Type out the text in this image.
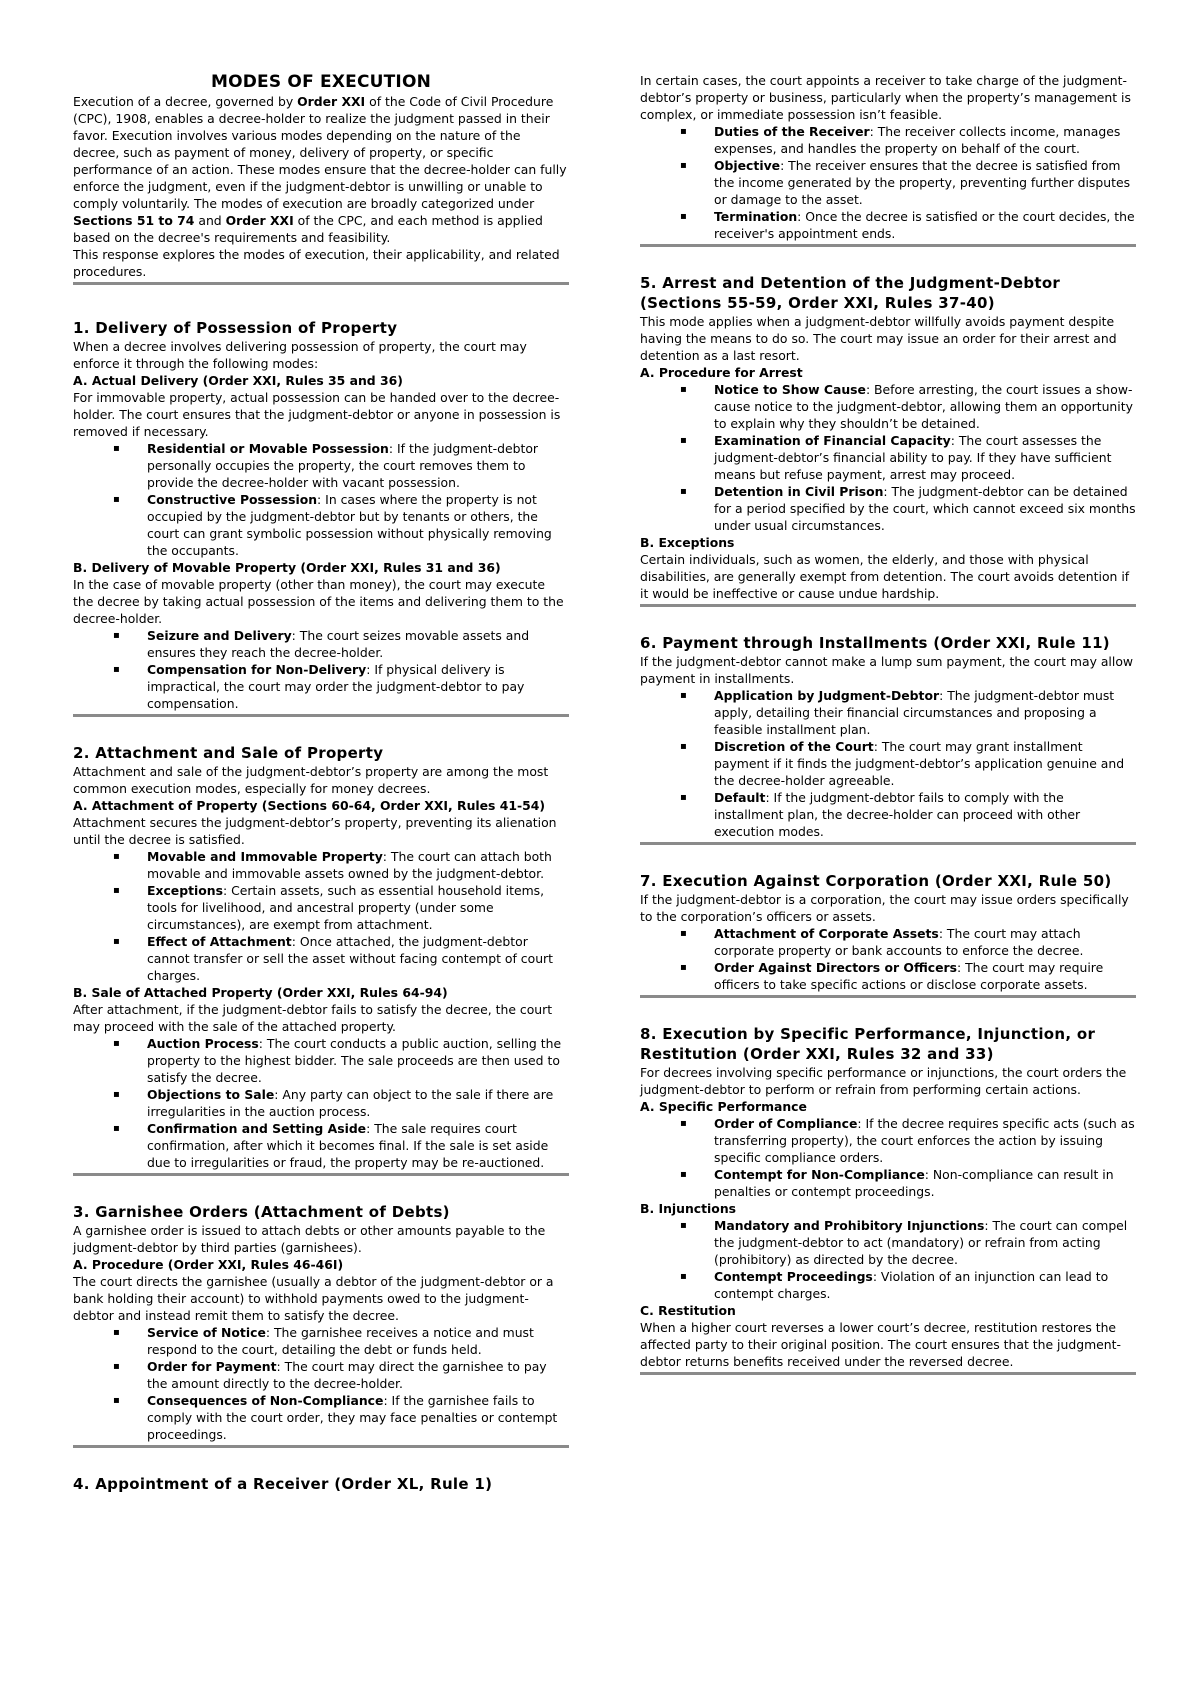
MODES OF EXECUTION

Execution of a decree, governed by Order XXI of the Code of Civil Procedure (CPC), 1908, enables a decree-holder to realize the judgment passed in their favor. Execution involves various modes depending on the nature of the decree, such as payment of money, delivery of property, or specific performance of an action. These modes ensure that the decree-holder can fully enforce the judgment, even if the judgment-debtor is unwilling or unable to comply voluntarily. The modes of execution are broadly categorized under Sections 51 to 74 and Order XXI of the CPC, and each method is applied based on the decree's requirements and feasibility.

This response explores the modes of execution, their applicability, and related procedures.

1. Delivery of Possession of Property

When a decree involves delivering possession of property, the court may enforce it through the following modes:

A. Actual Delivery (Order XXI, Rules 35 and 36)

For immovable property, actual possession can be handed over to the decree-holder. The court ensures that the judgment-debtor or anyone in possession is removed if necessary.

▪ Residential or Movable Possession: If the judgment-debtor personally occupies the property, the court removes them to provide the decree-holder with vacant possession.
▪ Constructive Possession: In cases where the property is not occupied by the judgment-debtor but by tenants or others, the court can grant symbolic possession without physically removing the occupants.

B. Delivery of Movable Property (Order XXI, Rules 31 and 36)

In the case of movable property (other than money), the court may execute the decree by taking actual possession of the items and delivering them to the decree-holder.

▪ Seizure and Delivery: The court seizes movable assets and ensures they reach the decree-holder.
▪ Compensation for Non-Delivery: If physical delivery is impractical, the court may order the judgment-debtor to pay compensation.
2. Attachment and Sale of Property

Attachment and sale of the judgment-debtor’s property are among the most common execution modes, especially for money decrees.

A. Attachment of Property (Sections 60-64, Order XXI, Rules 41-54)

Attachment secures the judgment-debtor’s property, preventing its alienation until the decree is satisfied.

▪ Movable and Immovable Property: The court can attach both movable and immovable assets owned by the judgment-debtor.
▪ Exceptions: Certain assets, such as essential household items, tools for livelihood, and ancestral property (under some circumstances), are exempt from attachment.
▪ Effect of Attachment: Once attached, the judgment-debtor cannot transfer or sell the asset without facing contempt of court charges.

B. Sale of Attached Property (Order XXI, Rules 64-94)

After attachment, if the judgment-debtor fails to satisfy the decree, the court may proceed with the sale of the attached property.

▪ Auction Process: The court conducts a public auction, selling the property to the highest bidder. The sale proceeds are then used to satisfy the decree.
▪ Objections to Sale: Any party can object to the sale if there are irregularities in the auction process.
▪ Confirmation and Setting Aside: The sale requires court confirmation, after which it becomes final. If the sale is set aside due to irregularities or fraud, the property may be re-auctioned.
3. Garnishee Orders (Attachment of Debts)

A garnishee order is issued to attach debts or other amounts payable to the judgment-debtor by third parties (garnishees).

A. Procedure (Order XXI, Rules 46-46I)

The court directs the garnishee (usually a debtor of the judgment-debtor or a bank holding their account) to withhold payments owed to the judgment-debtor and instead remit them to satisfy the decree.

▪ Service of Notice: The garnishee receives a notice and must respond to the court, detailing the debt or funds held.
▪ Order for Payment: The court may direct the garnishee to pay the amount directly to the decree-holder.
▪ Consequences of Non-Compliance: If the garnishee fails to comply with the court order, they may face penalties or contempt proceedings.
4. Appointment of a Receiver (Order XL, Rule 1)

In certain cases, the court appoints a receiver to take charge of the judgment-debtor’s property or business, particularly when the property’s management is complex, or immediate possession isn’t feasible.

▪ Duties of the Receiver: The receiver collects income, manages expenses, and handles the property on behalf of the court.
▪ Objective: The receiver ensures that the decree is satisfied from the income generated by the property, preventing further disputes or damage to the asset.
▪ Termination: Once the decree is satisfied or the court decides, the receiver's appointment ends.
5. Arrest and Detention of the Judgment-Debtor (Sections 55-59, Order XXI, Rules 37-40)

This mode applies when a judgment-debtor willfully avoids payment despite having the means to do so. The court may issue an order for their arrest and detention as a last resort.

A. Procedure for Arrest

▪ Notice to Show Cause: Before arresting, the court issues a show-cause notice to the judgment-debtor, allowing them an opportunity to explain why they shouldn’t be detained.
▪ Examination of Financial Capacity: The court assesses the judgment-debtor’s financial ability to pay. If they have sufficient means but refuse payment, arrest may proceed.
▪ Detention in Civil Prison: The judgment-debtor can be detained for a period specified by the court, which cannot exceed six months under usual circumstances.

B. Exceptions

Certain individuals, such as women, the elderly, and those with physical disabilities, are generally exempt from detention. The court avoids detention if it would be ineffective or cause undue hardship.

6. Payment through Installments (Order XXI, Rule 11)

If the judgment-debtor cannot make a lump sum payment, the court may allow payment in installments.

▪ Application by Judgment-Debtor: The judgment-debtor must apply, detailing their financial circumstances and proposing a feasible installment plan.
▪ Discretion of the Court: The court may grant installment payment if it finds the judgment-debtor’s application genuine and the decree-holder agreeable.
▪ Default: If the judgment-debtor fails to comply with the installment plan, the decree-holder can proceed with other execution modes.
7. Execution Against Corporation (Order XXI, Rule 50)

If the judgment-debtor is a corporation, the court may issue orders specifically to the corporation’s officers or assets.

▪ Attachment of Corporate Assets: The court may attach corporate property or bank accounts to enforce the decree.
▪ Order Against Directors or Officers: The court may require officers to take specific actions or disclose corporate assets.
8. Execution by Specific Performance, Injunction, or Restitution (Order XXI, Rules 32 and 33)

For decrees involving specific performance or injunctions, the court orders the judgment-debtor to perform or refrain from performing certain actions.

A. Specific Performance

▪ Order of Compliance: If the decree requires specific acts (such as transferring property), the court enforces the action by issuing specific compliance orders.
▪ Contempt for Non-Compliance: Non-compliance can result in penalties or contempt proceedings.

B. Injunctions

▪ Mandatory and Prohibitory Injunctions: The court can compel the judgment-debtor to act (mandatory) or refrain from acting (prohibitory) as directed by the decree.
▪ Contempt Proceedings: Violation of an injunction can lead to contempt charges.

C. Restitution

When a higher court reverses a lower court’s decree, restitution restores the affected party to their original position. The court ensures that the judgment-debtor returns benefits received under the reversed decree.
